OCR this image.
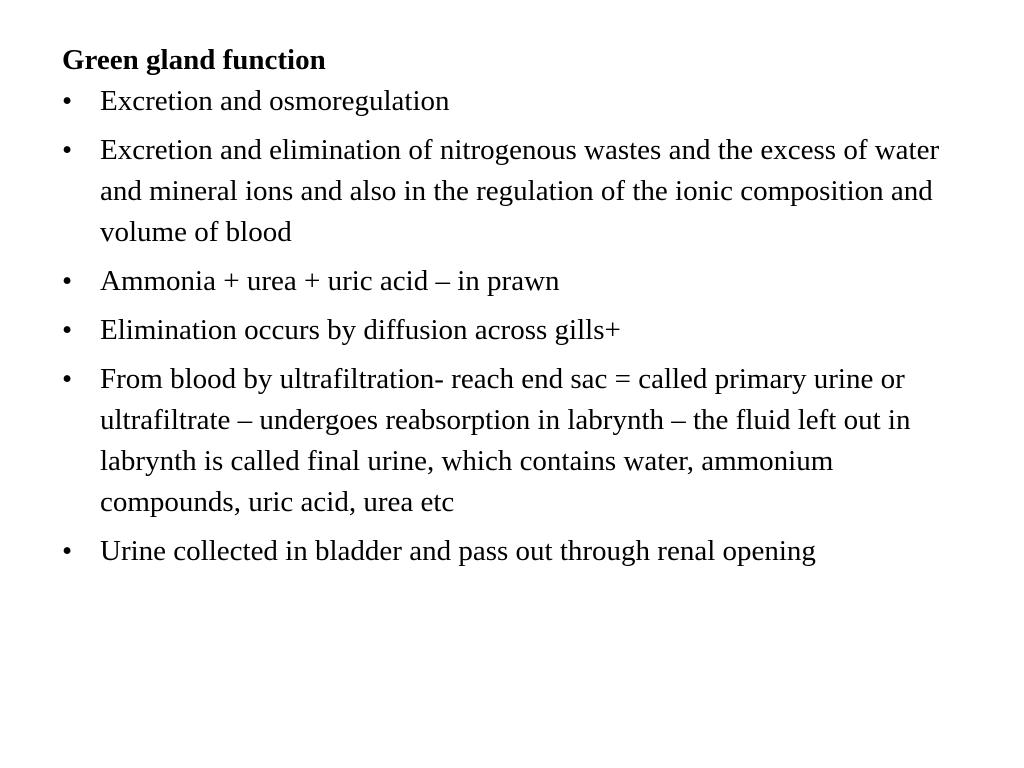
Green gland function
• Excretion and osmoregulation
• Excretion and elimination of nitrogenous wastes and the excess of water and mineral ions and also in the regulation of the ionic composition and volume of blood
• Ammonia + urea + uric acid – in prawn
• Elimination occurs by diffusion across gills+
• From blood by ultrafiltration- reach end sac = called primary urine or ultrafiltrate – undergoes reabsorption in labrynth – the fluid left out in labrynth is called final urine, which contains water, ammonium compounds, uric acid, urea etc
• Urine collected in bladder and pass out through renal opening
